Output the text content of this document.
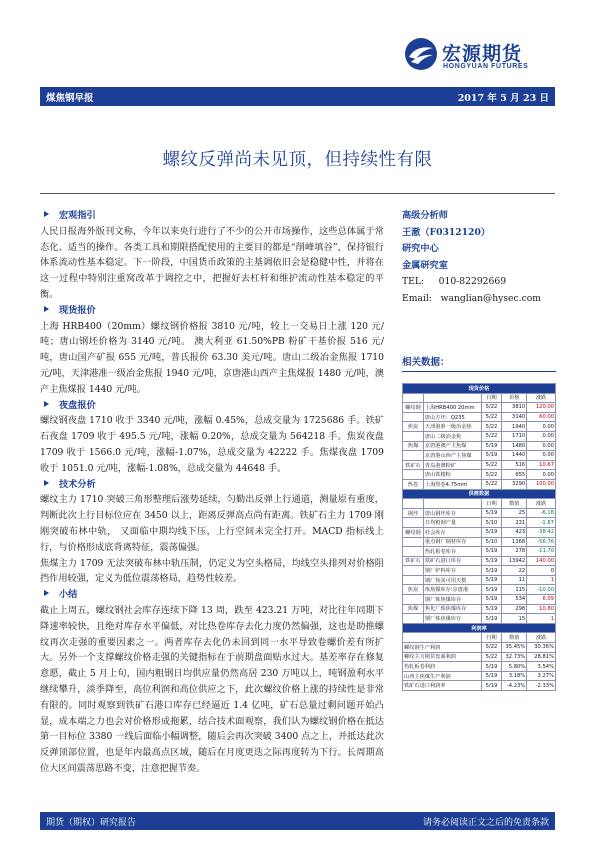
宏源期货
HONGYUAN FUTURES
煤焦钢早报	2017 年 5 月 23 日
螺纹反弹尚未见顶，但持续性有限
宏观指引

人民日报海外版刊文称，今年以来央行进行了不少的公开市场操作，这些总体属于常态化、适当的操作。各类工具和期限搭配使用的主要目的都是“削峰填谷”，保持银行体系流动性基本稳定。下一阶段，中国货币政策的主基调依旧会是稳健中性，并将在这一过程中特别注重窝改革于调控之中，把握好去杠杆和维护流动性基本稳定的平衡。

现货报价

上海 HRB400（20mm）螺纹钢价格报 3810 元/吨，较上一交易日上涨 120 元/吨；唐山钢坯价格为 3140 元/吨。 澳大利亚 61.50%PB 粉矿干基价报 516 元/吨，唐山国产矿报 655 元/吨，普氏报价 63.30 美元/吨。唐山二级冶金焦报 1710 元/吨，天津港准一级冶金焦报 1940 元/吨，京唐港山西产主焦煤报 1480 元/吨，澳产主焦煤报 1440 元/吨。

夜盘报价

螺纹钢夜盘 1710 收于 3340 元/吨，涨幅 0.45%，总成交量为 1725686 手。铁矿石夜盘 1709 收于 495.5 元/吨，涨幅 0.20%，总成交量为 564218 手。焦炭夜盘 1709 收于 1566.0 元/吨，涨幅-1.07%，总成交量为 42222 手。焦煤夜盘 1709 收于 1051.0 元/吨，涨幅-1.08%，总成交量为 44648 手。

技术分析

螺纹主力 1710 突破三角形整理后涨势延续，匀勤出反弹上行通道，测量原有重度，判断此次上行目标位应在 3450 以上，距离反弹高点尚有距离。铁矿石主力 1709 刚刚突破布林中轨， 又面临中期均线下压，上行空间未完全打开。MACD 指标线上行，与价格形成底背离特征，震荡偏强。

焦煤主力 1709 无法突破布林中轨压制，仍定义为空头格局，均线空头排列对价格阻挡作用较强，定义为低位震荡格局，趋势性较差。

小结

截止上周五，螺纹钢社会库存连续下降 13 周，跌至 423.21 万吨，对比往年同期下降速率较快，且绝对库存水平偏低，对比热卷库存去化力度仍然偏强，这也是助推螺纹再次走强的重要因素之一。两者库存去化仍未回到同一水平导致卷螺价差有所扩大。另外一个支撑螺纹价格走强的关键指标在于前期盘面贴水过大。基差率存在修复意愿，截止 5 月上旬，国内粗钢日均供应量仍然高居 230 万吨以上，吨钢盈利水平继续攀升，淡季降至，高位利润和高位供应之下，此次螺纹价格上涨的持续性是非常有限的。同时观察到铁矿石港口库存已经逼近 1.4 亿吨，矿石总量过剩问题开始凸显，成本端之力也会对价格形成拖累，结合技术面观察，我们认为螺纹钢价格在抵达第一目标位 3380 一线后面临小幅调整，随后会再次突破 3400 点之上，并抵达此次反弹顶部位置，也是年内最高点区域，随后在月度更迭之际再度转为下行。长周期高位大区间震荡思路不变，注意把握节奏。

高级分析师
王澈（F0312120）
研究中心
金属研究室
TEL: 010-82292669
Email: wanglian@hysec.com
相关数据：
现货价格				
		日期	价格	涨跌
螺纹钢	上海HRB400 20mm	5/22	3810	120.00
	唐山方坯：Q235	5/22	3140	60.00
焦炭	天津港准一级冶金焦	5/22	1940	0.00
	唐山二级冶金焦	5/22	1710	0.00
焦煤	京唐港澳产主焦煤	5/19	1480	0.00
	京唐港山西产主焦煤	5/19	1440	0.00
铁矿石	青岛港澳粉矿	5/22	516	10.67
	唐山铁精粉	5/22	655	0.00
热卷	上海热卷4.75mm	5/22	3290	100.00
供需数据				
		日期	数值	涨跌
钢坯	唐山钢坯库存	5/19	25	-6.18
	日均粗钢产量	5/10	231	-1.87
螺纹钢	社会库存	5/19	423	-38.42
	重点钢厂钢材库存	5/10	1368	-56.76
	热轧板卷库存	5/19	278	-11.70
铁矿石	铁矿石港口库存	5/19	13942	140.00
	钢厂炉料库存	5/19	22	0
	钢厂焦炭可用天数	5/19	11	1
焦炭	炼焦煤库存:京唐港	5/19	115	-10.00
	钢厂炼焦煤库存	5/19	534	6.09
焦煤	焦化厂炼焦煤库存	5/19	298	10.80
	钢厂炼焦煤库存	5/19	15	1
利润率				
		日期	数值	涨跌
螺纹钢生产利润		5/22	35.45%	30.36%
螺纹主力期货盘面利润		5/22	32.73%	28.81%
热轧板卷利润		5/19	5.80%	3.54%
山西主焦煤生产利润		5/19	3.18%	3.27%
铁矿石进口利润率		5/19	-4.23%	-2.33%
期货（期权）研究报告	请务必阅读正文之后的免责条款
